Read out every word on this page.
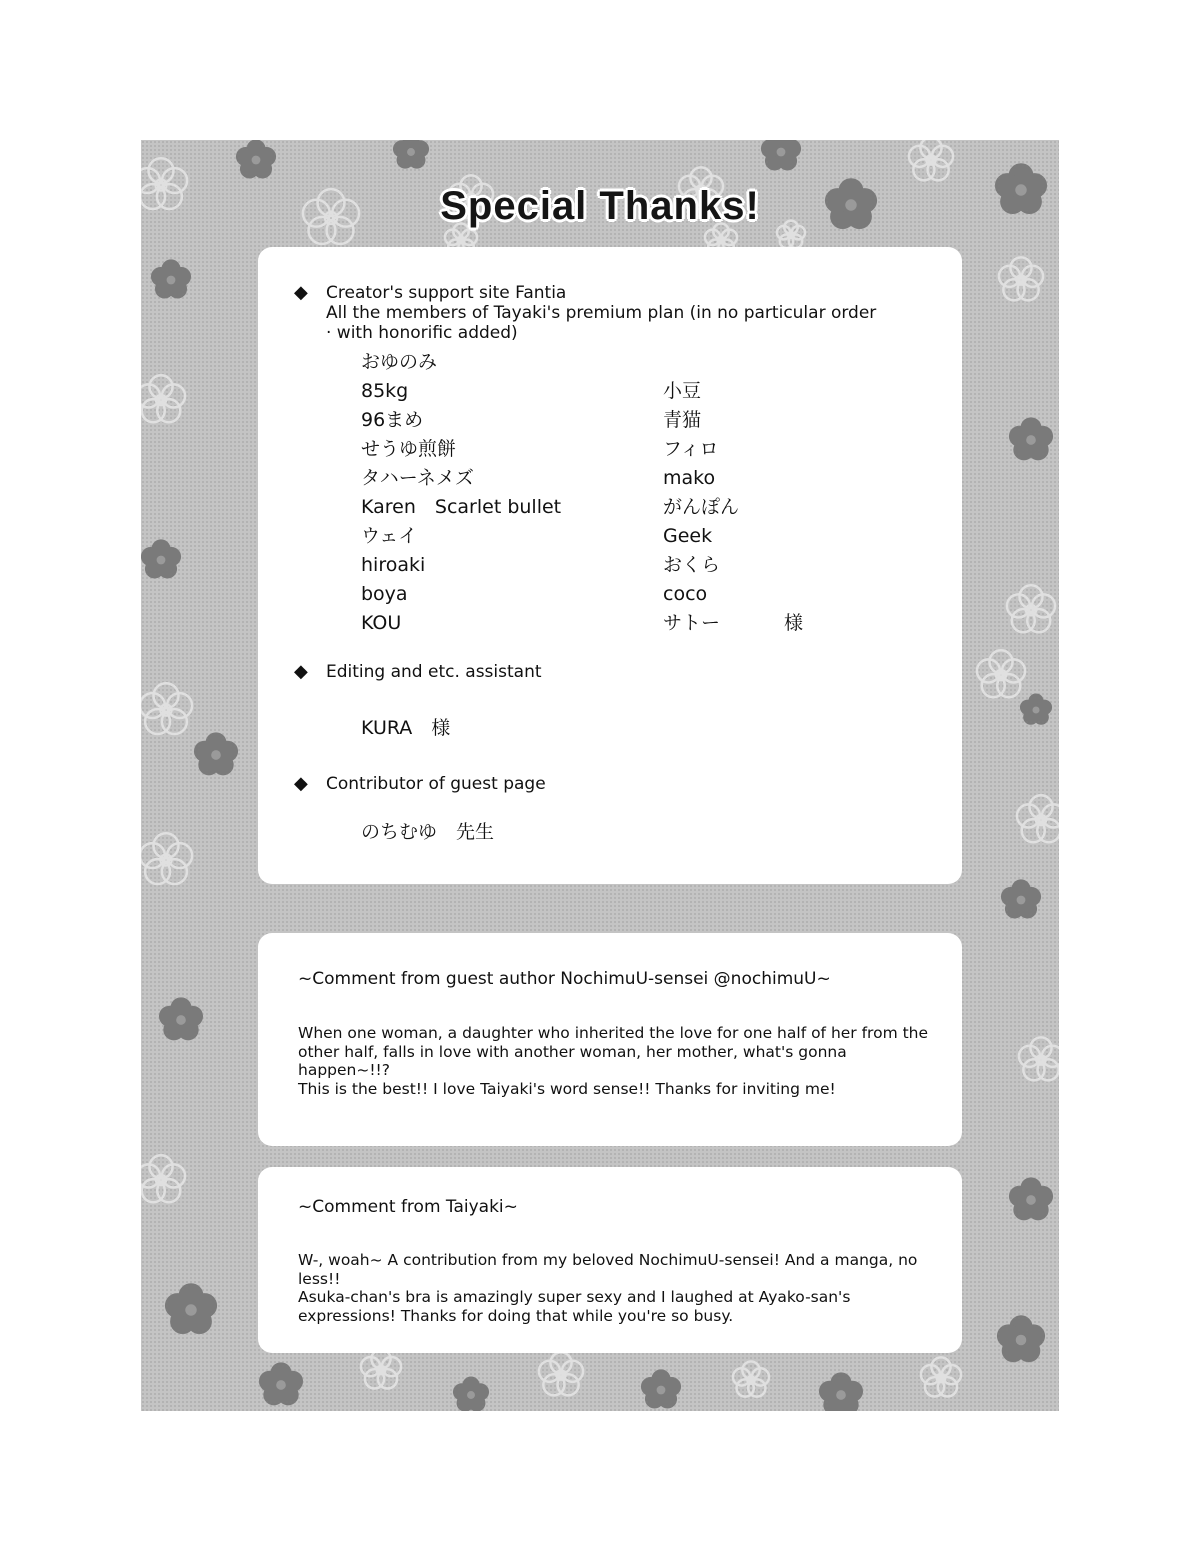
Special Thanks!
◆ Creator's support site Fantia
All the members of Tayaki's premium plan (in no particular order · with honorific added)
おゆのみ
85kg
96まめ
せうゆ煎餅
タハーネメズ
Karen　Scarlet bullet
ウェイ
hiroaki
boya
KOU
小豆
青猫
フィロ
mako
がんぽん
Geek
おくら
coco
サトー	様
◆ Editing and etc. assistant
KURA　様
◆ Contributor of guest page
のちむゆ　先生
~Comment from guest author NochimuU-sensei @nochimuU~

When one woman, a daughter who inherited the love for one half of her from the other half, falls in love with another woman, her mother, what's gonna happen~!!?

This is the best!! I love Taiyaki's word sense!! Thanks for inviting me!

~Comment from Taiyaki~

W-, woah~ A contribution from my beloved NochimuU-sensei! And a manga, no less!!

Asuka-chan's bra is amazingly super sexy and I laughed at Ayako-san's expressions! Thanks for doing that while you're so busy.
